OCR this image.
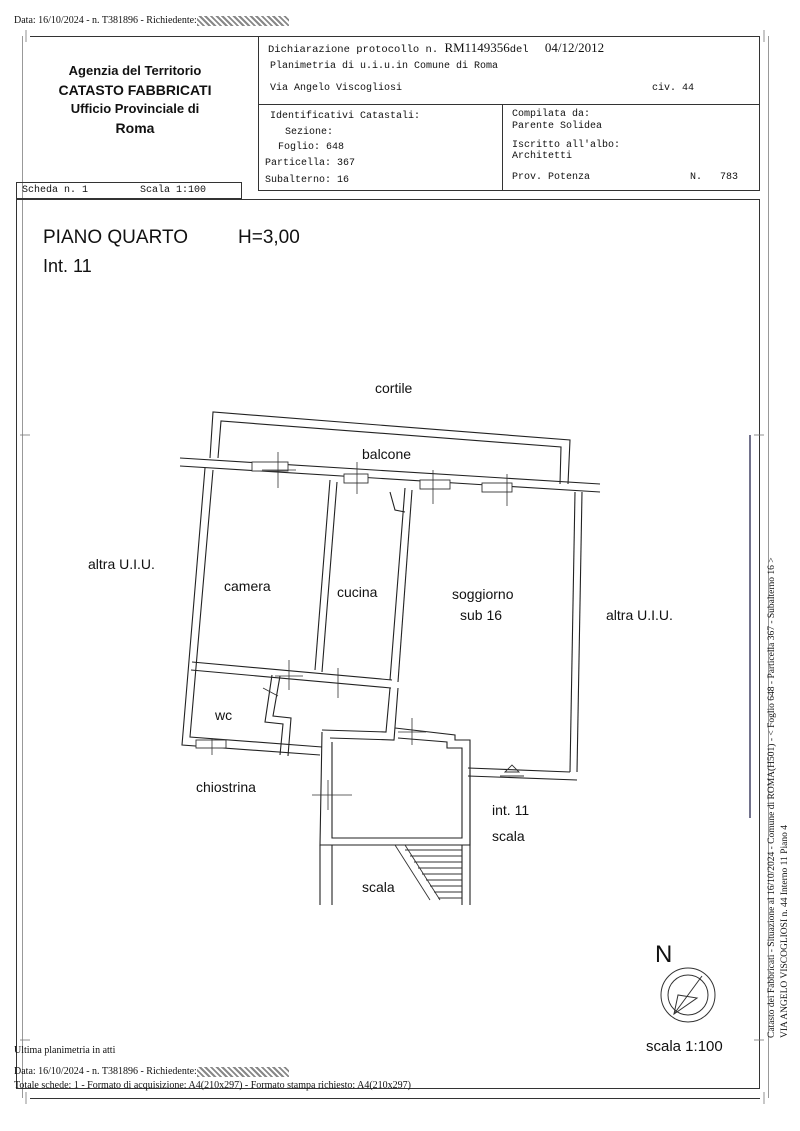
Data: 16/10/2024 - n. T381896 - Richiedente:
Agenzia del Territorio
CATASTO FABBRICATI
Ufficio Provinciale di
Roma
Dichiarazione protocollo n. RM1149356del 04/12/2012
Planimetria di u.i.u.in Comune di Roma
Via Angelo Viscogliosi	civ. 44
Identificativi Catastali:
Sezione:
Foglio: 648
Particella: 367
Subalterno: 16
Compilata da:
Parente Solidea
Iscritto all'albo:
Architetti
Prov. Potenza	N. 783
Scheda n. 1	Scala 1:100
PIANO QUARTO	H=3,00
Int. 11
cortile
balcone
altra U.I.U.
altra U.I.U.
camera	cucina	soggiorno
sub 16
wc
chiostrina
int. 11
scala
scala
N
scala 1:100
Catasto dei Fabbricati - Situazione al 16/10/2024 - Comune di ROMA(H501) - < Foglio 648 - Particella 367 - Subalterno 16 > VIA ANGELO VISCOGLIOSI n. 44 Interno 11 Piano 4
Ultima planimetria in atti
Data: 16/10/2024 - n. T381896 - Richiedente:
Totale schede: 1 - Formato di acquisizione: A4(210x297) - Formato stampa richiesto: A4(210x297)
